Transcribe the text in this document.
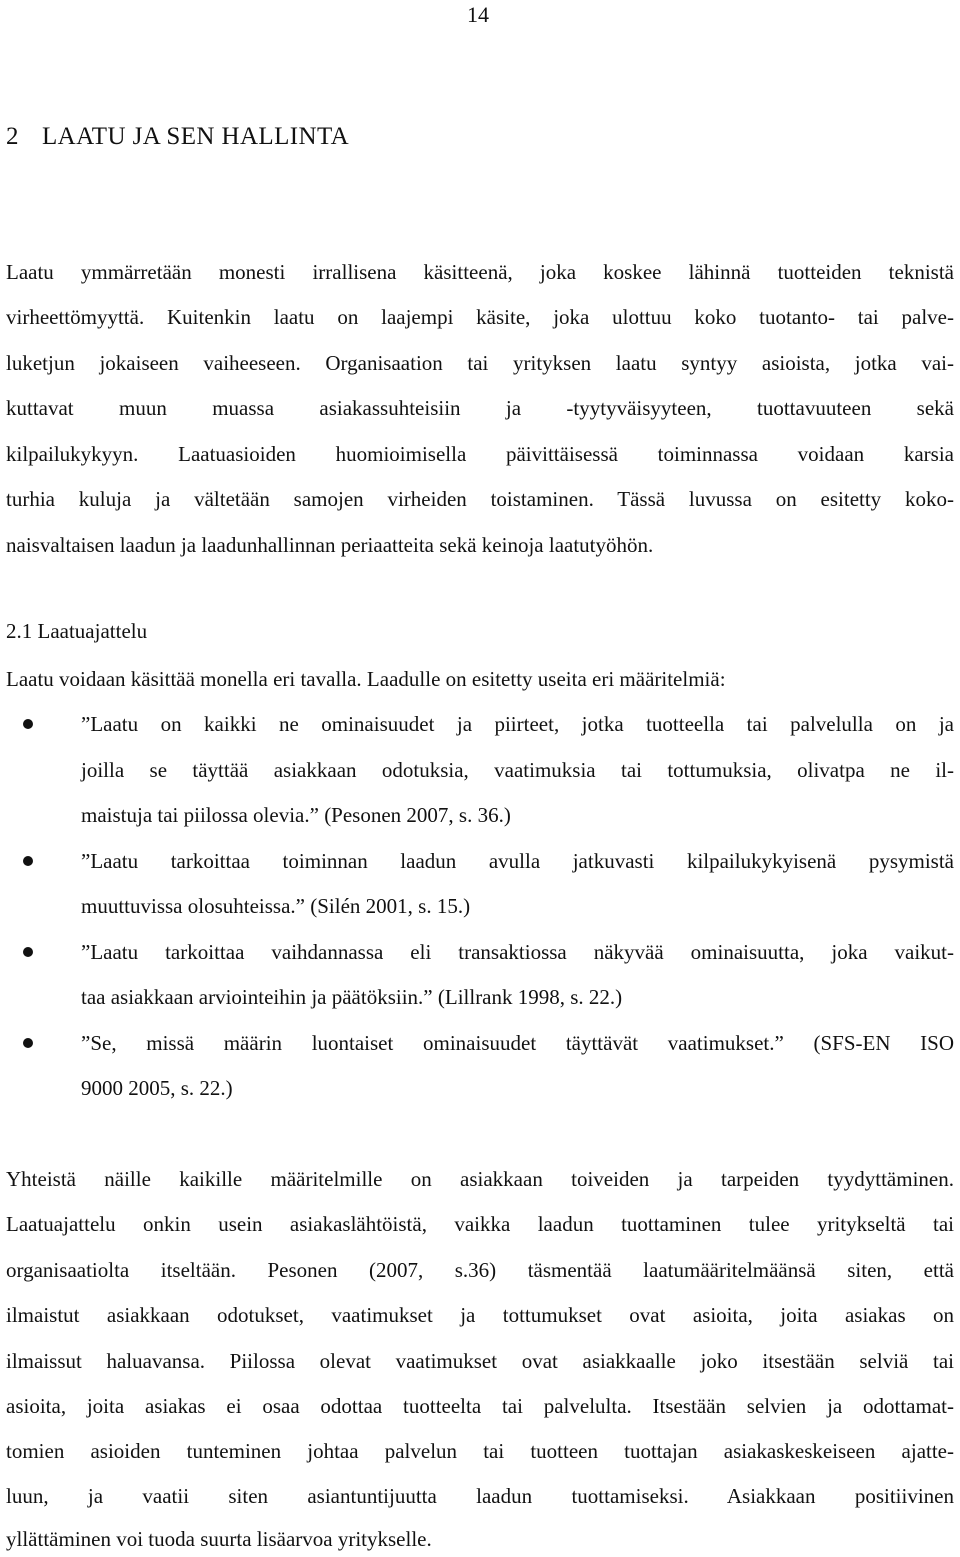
14
2 LAATU JA SEN HALLINTA
Laatu ymmärretään monesti irrallisena käsitteenä, joka koskee lähinnä tuotteiden teknistä
virheettömyyttä. Kuitenkin laatu on laajempi käsite, joka ulottuu koko tuotanto- tai palve-
luketjun jokaiseen vaiheeseen. Organisaation tai yrityksen laatu syntyy asioista, jotka vai-
kuttavat muun muassa asiakassuhteisiin ja -tyytyväisyyteen, tuottavuuteen sekä
kilpailukykyyn. Laatuasioiden huomioimisella päivittäisessä toiminnassa voidaan karsia
turhia kuluja ja vältetään samojen virheiden toistaminen. Tässä luvussa on esitetty koko-
naisvaltaisen laadun ja laadunhallinnan periaatteita sekä keinoja laatutyöhön.
2.1 Laatuajattelu
Laatu voidaan käsittää monella eri tavalla. Laadulle on esitetty useita eri määritelmiä:
”Laatu on kaikki ne ominaisuudet ja piirteet, jotka tuotteella tai palvelulla on ja
joilla se täyttää asiakkaan odotuksia, vaatimuksia tai tottumuksia, olivatpa ne il-
maistuja tai piilossa olevia.” (Pesonen 2007, s. 36.)
”Laatu tarkoittaa toiminnan laadun avulla jatkuvasti kilpailukykyisenä pysymistä
muuttuvissa olosuhteissa.” (Silén 2001, s. 15.)
”Laatu tarkoittaa vaihdannassa eli transaktiossa näkyvää ominaisuutta, joka vaikut-
taa asiakkaan arviointeihin ja päätöksiin.” (Lillrank 1998, s. 22.)
”Se, missä määrin luontaiset ominaisuudet täyttävät vaatimukset.” (SFS-EN ISO
9000 2005, s. 22.)
Yhteistä näille kaikille määritelmille on asiakkaan toiveiden ja tarpeiden tyydyttäminen.
Laatuajattelu onkin usein asiakaslähtöistä, vaikka laadun tuottaminen tulee yritykseltä tai
organisaatiolta itseltään. Pesonen (2007, s.36) täsmentää laatumääritelmäänsä siten, että
ilmaistut asiakkaan odotukset, vaatimukset ja tottumukset ovat asioita, joita asiakas on
ilmaissut haluavansa. Piilossa olevat vaatimukset ovat asiakkaalle joko itsestään selviä tai
asioita, joita asiakas ei osaa odottaa tuotteelta tai palvelulta. Itsestään selvien ja odottamat-
tomien asioiden tunteminen johtaa palvelun tai tuotteen tuottajan asiakaskeskeiseen ajatte-
luun, ja vaatii siten asiantuntijuutta laadun tuottamiseksi. Asiakkaan positiivinen
yllättäminen voi tuoda suurta lisäarvoa yritykselle.
